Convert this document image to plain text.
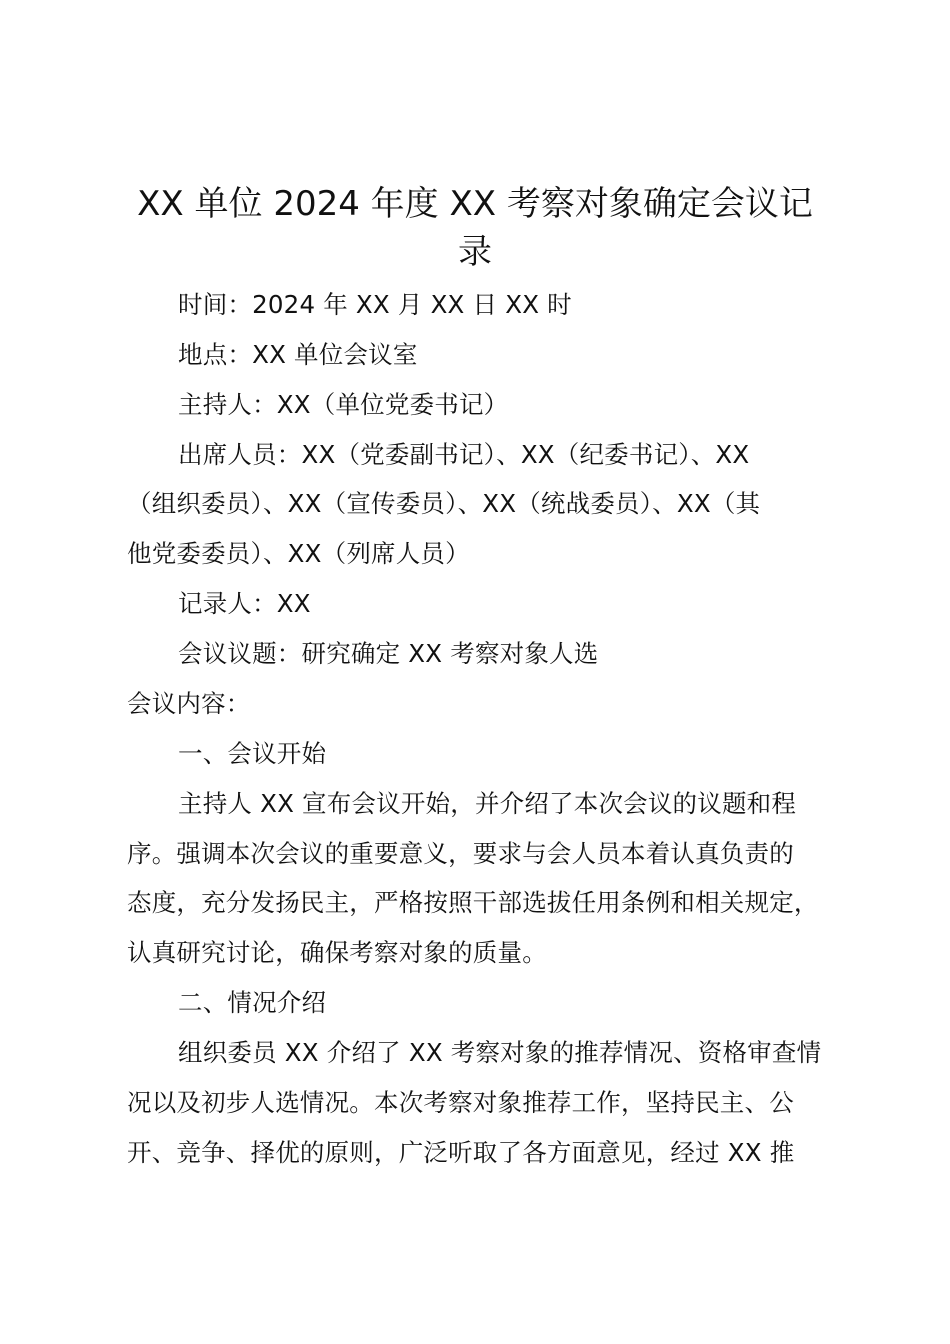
XX 单位 2024 年度 XX 考察对象确定会议记
录
时间：2024 年 XX 月 XX 日 XX 时
地点：XX 单位会议室
主持人：XX（单位党委书记）
出席人员：XX（党委副书记）、XX（纪委书记）、XX
（组织委员）、XX（宣传委员）、XX（统战委员）、XX（其
他党委委员）、XX（列席人员）
记录人：XX
会议议题：研究确定 XX 考察对象人选
会议内容：
一、会议开始
主持人 XX 宣布会议开始，并介绍了本次会议的议题和程
序。强调本次会议的重要意义，要求与会人员本着认真负责的
态度，充分发扬民主，严格按照干部选拔任用条例和相关规定，
认真研究讨论，确保考察对象的质量。
二、情况介绍
组织委员 XX 介绍了 XX 考察对象的推荐情况、资格审查情
况以及初步人选情况。本次考察对象推荐工作，坚持民主、公
开、竞争、择优的原则，广泛听取了各方面意见，经过 XX 推
